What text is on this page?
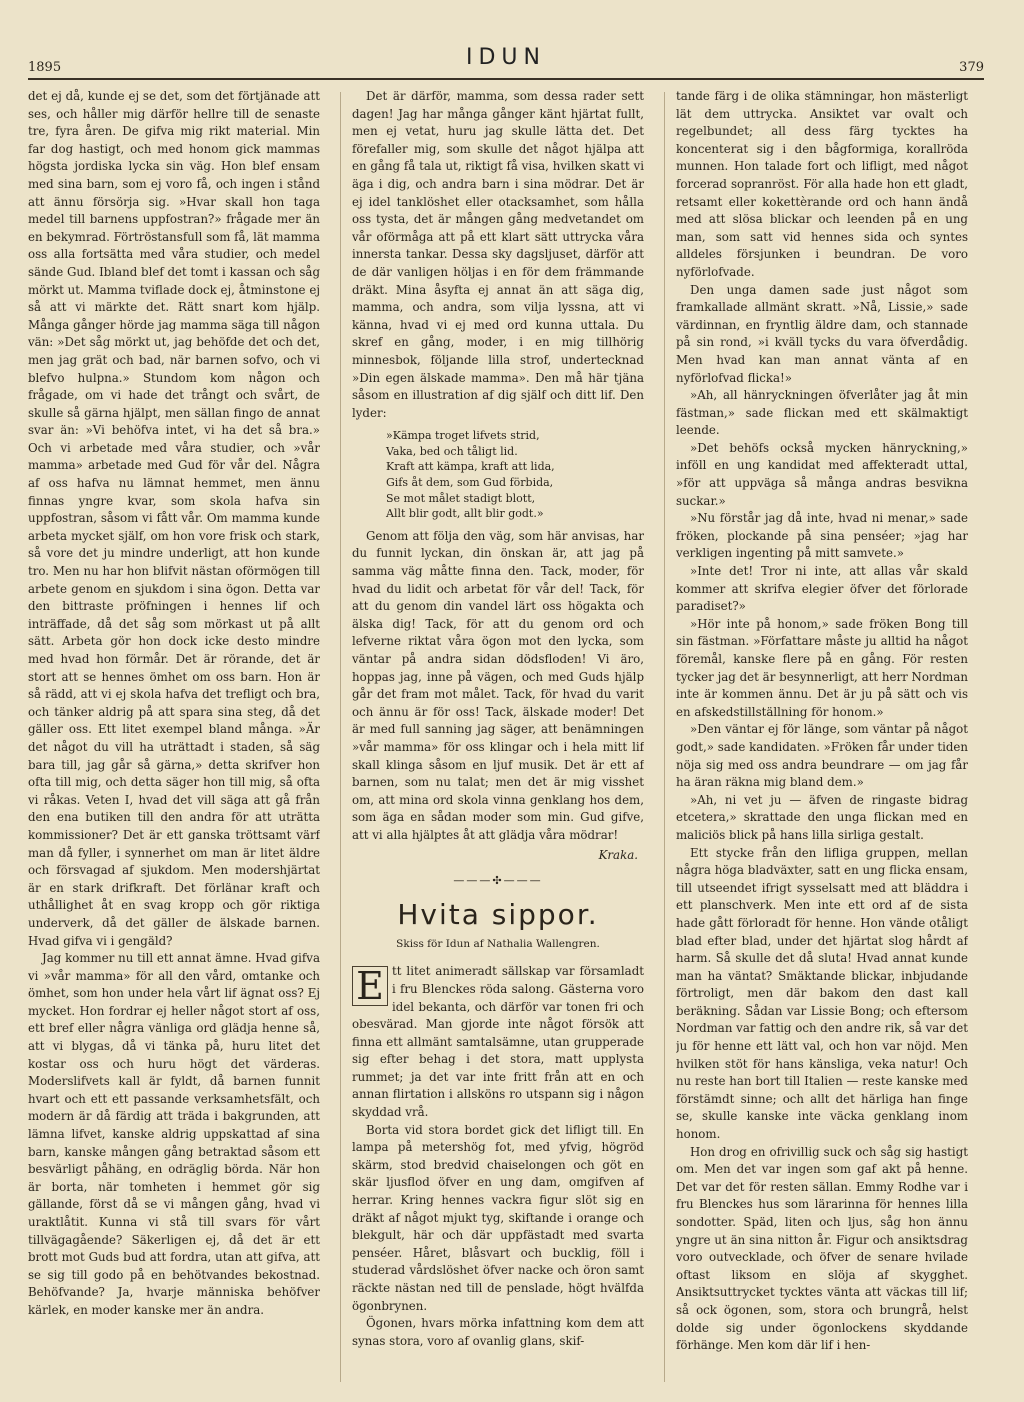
1895	IDUN	379

det ej då, kunde ej se det, som det förtjänade att ses, och håller mig därför hellre till de senaste tre, fyra åren. De gifva mig rikt material. Min far dog hastigt, och med honom gick mammas högsta jordiska lycka sin väg. Hon blef ensam med sina barn, som ej voro få, och ingen i stånd att ännu försörja sig. »Hvar skall hon taga medel till barnens uppfostran?» frågade mer än en bekymrad. Förtröstansfull som få, lät mamma oss alla fortsätta med våra studier, och medel sände Gud. Ibland blef det tomt i kassan och såg mörkt ut. Mamma tviflade dock ej, åtminstone ej så att vi märkte det. Rätt snart kom hjälp. Många gånger hörde jag mamma säga till någon vän: »Det såg mörkt ut, jag behöfde det och det, men jag grät och bad, när barnen sofvo, och vi blefvo hulpna.» Stundom kom någon och frågade, om vi hade det trångt och svårt, de skulle så gärna hjälpt, men sällan fingo de annat svar än: »Vi behöfva intet, vi ha det så bra.» Och vi arbetade med våra studier, och »vår mamma» arbetade med Gud för vår del. Några af oss hafva nu lämnat hemmet, men ännu finnas yngre kvar, som skola hafva sin uppfostran, såsom vi fått vår. Om mamma kunde arbeta mycket själf, om hon vore frisk och stark, så vore det ju mindre underligt, att hon kunde tro. Men nu har hon blifvit nästan oförmögen till arbete genom en sjukdom i sina ögon. Detta var den bittraste pröfningen i hennes lif och inträffade, då det såg som mörkast ut på allt sätt. Arbeta gör hon dock icke desto mindre med hvad hon förmår. Det är rörande, det är stort att se hennes ömhet om oss barn. Hon är så rädd, att vi ej skola hafva det trefligt och bra, och tänker aldrig på att spara sina steg, då det gäller oss. Ett litet exempel bland många. »Är det något du vill ha uträttadt i staden, så säg bara till, jag går så gärna,» detta skrifver hon ofta till mig, och detta säger hon till mig, så ofta vi råkas. Veten I, hvad det vill säga att gå från den ena butiken till den andra för att uträtta kommissioner? Det är ett ganska tröttsamt värf man då fyller, i synnerhet om man är litet äldre och försvagad af sjukdom. Men modershjärtat är en stark drifkraft. Det förlänar kraft och uthållighet åt en svag kropp och gör riktiga underverk, då det gäller de älskade barnen. Hvad gifva vi i gengäld?

Jag kommer nu till ett annat ämne. Hvad gifva vi »vår mamma» för all den vård, omtanke och ömhet, som hon under hela vårt lif ägnat oss? Ej mycket. Hon fordrar ej heller något stort af oss, ett bref eller några vänliga ord glädja henne så, att vi blygas, då vi tänka på, huru litet det kostar oss och huru högt det värderas. Moderslifvets kall är fyldt, då barnen funnit hvart och ett ett passande verksamhetsfält, och modern är då färdig att träda i bakgrunden, att lämna lifvet, kanske aldrig uppskattad af sina barn, kanske mången gång betraktad såsom ett besvärligt påhäng, en odräglig börda. När hon är borta, när tomheten i hemmet gör sig gällande, först då se vi mången gång, hvad vi uraktlåtit. Kunna vi stå till svars för vårt tillvägagående? Säkerligen ej, då det är ett brott mot Guds bud att fordra, utan att gifva, att se sig till godo på en behötvandes bekostnad. Behöfvande? Ja, hvarje människa behöfver kärlek, en moder kanske mer än andra.

Det är därför, mamma, som dessa rader sett dagen! Jag har många gånger känt hjärtat fullt, men ej vetat, huru jag skulle lätta det. Det förefaller mig, som skulle det något hjälpa att en gång få tala ut, riktigt få visa, hvilken skatt vi äga i dig, och andra barn i sina mödrar. Det är ej idel tanklöshet eller otacksamhet, som hålla oss tysta, det är mången gång medvetandet om vår oförmåga att på ett klart sätt uttrycka våra innersta tankar. Dessa sky dagsljuset, därför att de där vanligen höljas i en för dem främmande dräkt. Mina åsyfta ej annat än att säga dig, mamma, och andra, som vilja lyssna, att vi känna, hvad vi ej med ord kunna uttala. Du skref en gång, moder, i en mig tillhörig minnesbok, följande lilla strof, undertecknad »Din egen älskade mamma». Den må här tjäna såsom en illustration af dig själf och ditt lif. Den lyder:

»Kämpa troget lifvets strid,
Vaka, bed och tåligt lid.
Kraft att kämpa, kraft att lida,
Gifs åt dem, som Gud förbida,
Se mot målet stadigt blott,
Allt blir godt, allt blir godt.»

Genom att följa den väg, som här anvisas, har du funnit lyckan, din önskan är, att jag på samma väg måtte finna den. Tack, moder, för hvad du lidit och arbetat för vår del! Tack, för att du genom din vandel lärt oss högakta och älska dig! Tack, för att du genom ord och lefverne riktat våra ögon mot den lycka, som väntar på andra sidan dödsfloden! Vi äro, hoppas jag, inne på vägen, och med Guds hjälp går det fram mot målet. Tack, för hvad du varit och ännu är för oss! Tack, älskade moder! Det är med full sanning jag säger, att benämningen »vår mamma» för oss klingar och i hela mitt lif skall klinga såsom en ljuf musik. Det är ett af barnen, som nu talat; men det är mig visshet om, att mina ord skola vinna genklang hos dem, som äga en sådan moder som min. Gud gifve, att vi alla hjälptes åt att glädja våra mödrar!

Kraka.
———✣———
Hvita sippor.
Skiss för Idun af Nathalia Wallengren.

E tt litet animeradt sällskap var församladt i fru Blenckes röda salong. Gästerna voro idel bekanta, och därför var tonen fri och obesvärad. Man gjorde inte något försök att finna ett allmänt samtalsämne, utan grupperade sig efter behag i det stora, matt upplysta rummet; ja det var inte fritt från att en och annan flirtation i allsköns ro utspann sig i någon skyddad vrå.

Borta vid stora bordet gick det lifligt till. En lampa på metershög fot, med yfvig, högröd skärm, stod bredvid chaiselongen och göt en skär ljusflod öfver en ung dam, omgifven af herrar. Kring hennes vackra figur slöt sig en dräkt af något mjukt tyg, skiftande i orange och blekgult, här och där uppfästadt med svarta penséer. Håret, blåsvart och bucklig, föll i studerad vårdslöshet öfver nacke och öron samt räckte nästan ned till de penslade, högt hvälfda ögonbrynen.

Ögonen, hvars mörka infattning kom dem att synas stora, voro af ovanlig glans, skif-

tande färg i de olika stämningar, hon mästerligt lät dem uttrycka. Ansiktet var ovalt och regelbundet; all dess färg tycktes ha koncenterat sig i den bågformiga, korallröda munnen. Hon talade fort och lifligt, med något forcerad sopranröst. För alla hade hon ett gladt, retsamt eller kokettèrande ord och hann ändå med att slösa blickar och leenden på en ung man, som satt vid hennes sida och syntes alldeles försjunken i beundran. De voro nyförlofvade.

Den unga damen sade just något som framkallade allmänt skratt. »Nå, Lissie,» sade värdinnan, en fryntlig äldre dam, och stannade på sin rond, »i kväll tycks du vara öfverdådig. Men hvad kan man annat vänta af en nyförlofvad flicka!»

»Ah, all hänryckningen öfverlåter jag åt min fästman,» sade flickan med ett skälmaktigt leende.

»Det behöfs också mycken hänryckning,» inföll en ung kandidat med affekteradt uttal, »för att uppväga så många andras besvikna suckar.»

»Nu förstår jag då inte, hvad ni menar,» sade fröken, plockande på sina penséer; »jag har verkligen ingenting på mitt samvete.»

»Inte det! Tror ni inte, att allas vår skald kommer att skrifva elegier öfver det förlorade paradiset?»

»Hör inte på honom,» sade fröken Bong till sin fästman. »Författare måste ju alltid ha något föremål, kanske flere på en gång. För resten tycker jag det är besynnerligt, att herr Nordman inte är kommen ännu. Det är ju på sätt och vis en afskedstillställning för honom.»

»Den väntar ej för länge, som väntar på något godt,» sade kandidaten. »Fröken får under tiden nöja sig med oss andra beundrare — om jag får ha äran räkna mig bland dem.»

»Ah, ni vet ju — äfven de ringaste bidrag etcetera,» skrattade den unga flickan med en maliciös blick på hans lilla sirliga gestalt.

Ett stycke från den lifliga gruppen, mellan några höga bladväxter, satt en ung flicka ensam, till utseendet ifrigt sysselsatt med att bläddra i ett planschverk. Men inte ett ord af de sista hade gått förloradt för henne. Hon vände otåligt blad efter blad, under det hjärtat slog hårdt af harm. Så skulle det då sluta! Hvad annat kunde man ha väntat? Smäktande blickar, inbjudande förtroligt, men där bakom den dast kall beräkning. Sådan var Lissie Bong; och eftersom Nordman var fattig och den andre rik, så var det ju för henne ett lätt val, och hon var nöjd. Men hvilken stöt för hans känsliga, veka natur! Och nu reste han bort till Italien — reste kanske med förstämdt sinne; och allt det härliga han finge se, skulle kanske inte väcka genklang inom honom.

Hon drog en ofrivillig suck och såg sig hastigt om. Men det var ingen som gaf akt på henne. Det var det för resten sällan. Emmy Rodhe var i fru Blenckes hus som lärarinna för hennes lilla sondotter. Späd, liten och ljus, såg hon ännu yngre ut än sina nitton år. Figur och ansiktsdrag voro outvecklade, och öfver de senare hvilade oftast liksom en slöja af skygghet. Ansiktsuttrycket tycktes vänta att väckas till lif; så ock ögonen, som, stora och brungrå, helst dolde sig under ögonlockens skyddande förhänge. Men kom där lif i hen-
